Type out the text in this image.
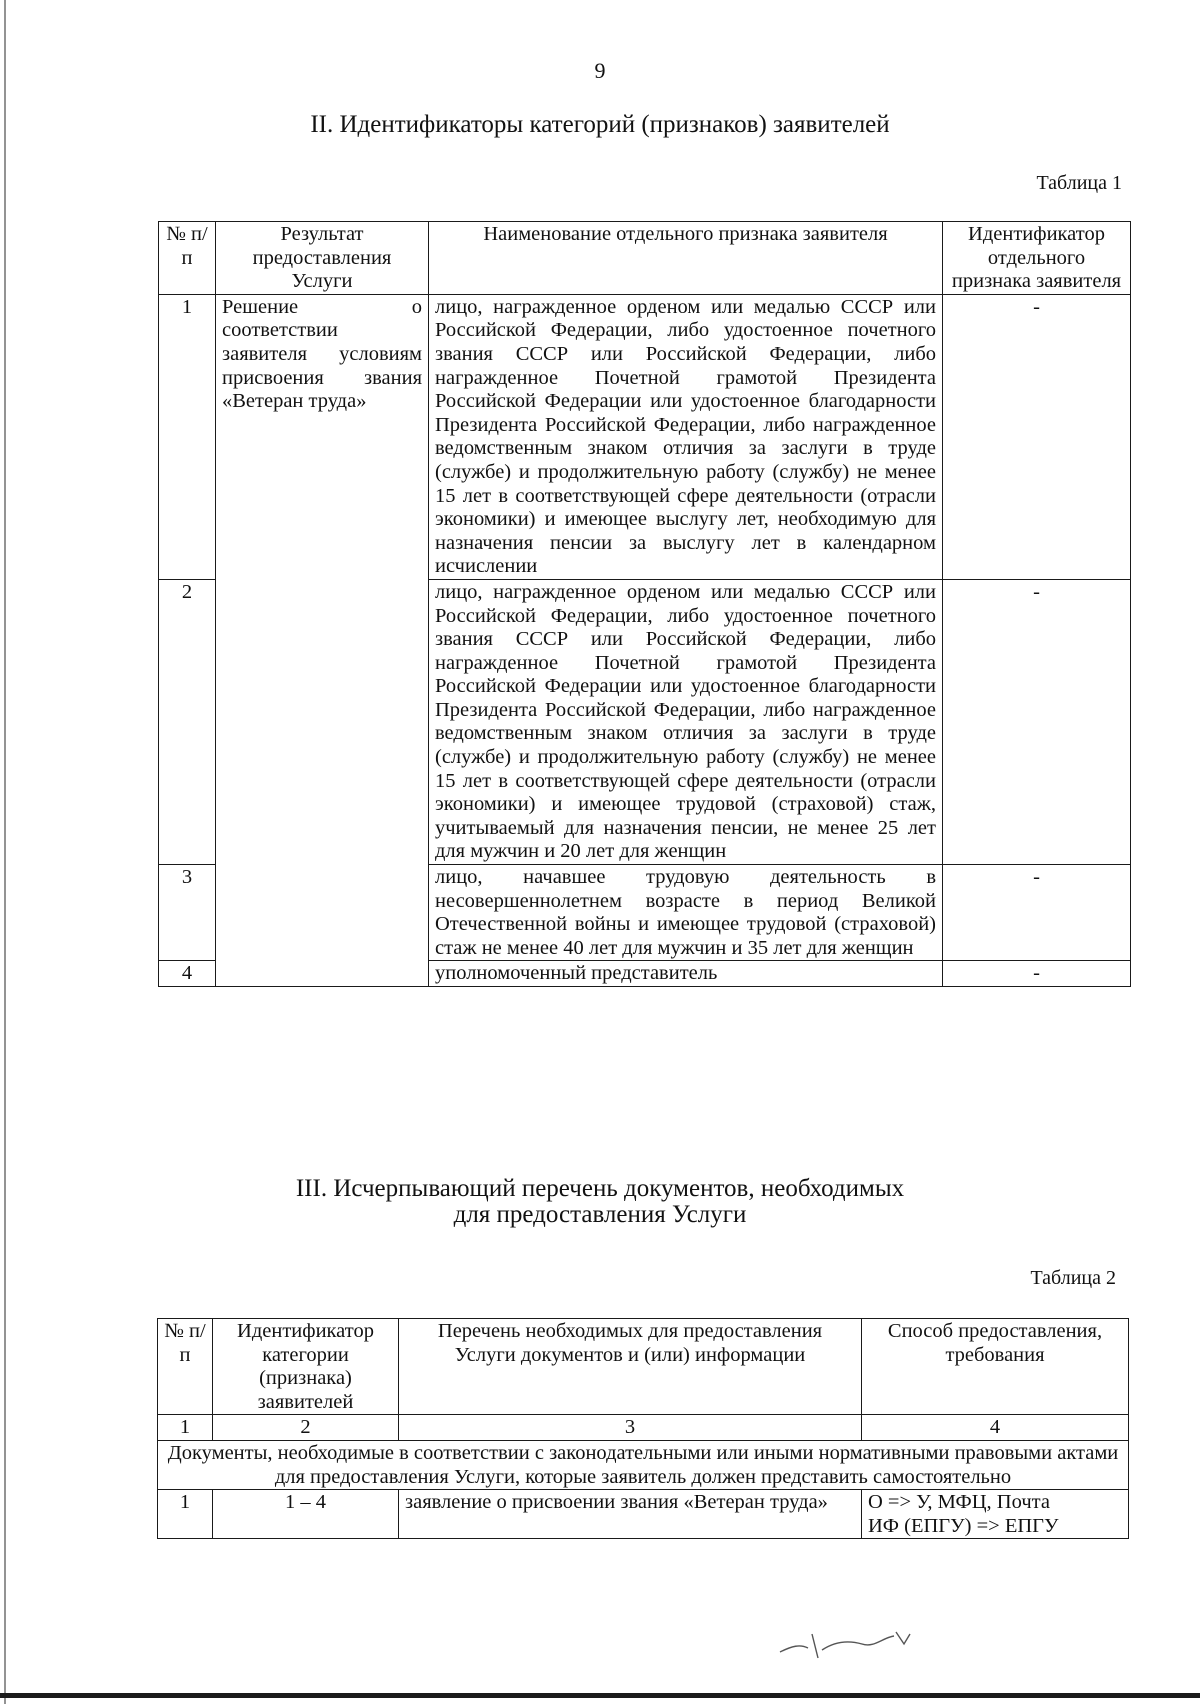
9
II. Идентификаторы категорий (признаков) заявителей
Таблица 1
№ п/п	Результат предоставления Услуги	Наименование отдельного признака заявителя	Идентификатор отдельного признака заявителя
1	Решение о соответствии заявителя условиям присвоения звания «Ветеран труда»	лицо, награжденное орденом или медалью СССР или Российской Федерации, либо удостоенное почетного звания СССР или Российской Федерации, либо награжденное Почетной грамотой Президента Российской Федерации или удостоенное благодарности Президента Российской Федерации, либо награжденное ведомственным знаком отличия за заслуги в труде (службе) и продолжительную работу (службу) не менее 15 лет в соответствующей сфере деятельности (отрасли экономики) и имеющее выслугу лет, необходимую для назначения пенсии за выслугу лет в календарном исчислении	-
2		лицо, награжденное орденом или медалью СССР или Российской Федерации, либо удостоенное почетного звания СССР или Российской Федерации, либо награжденное Почетной грамотой Президента Российской Федерации или удостоенное благодарности Президента Российской Федерации, либо награжденное ведомственным знаком отличия за заслуги в труде (службе) и продолжительную работу (службу) не менее 15 лет в соответствующей сфере деятельности (отрасли экономики) и имеющее трудовой (страховой) стаж, учитываемый для назначения пенсии, не менее 25 лет для мужчин и 20 лет для женщин	-
3		лицо, начавшее трудовую деятельность в несовершеннолетнем возрасте в период Великой Отечественной войны и имеющее трудовой (страховой) стаж не менее 40 лет для мужчин и 35 лет для женщин	-
4		уполномоченный представитель	-
III. Исчерпывающий перечень документов, необходимых
для предоставления Услуги
Таблица 2
№ п/п	Идентификатор категории (признака) заявителей	Перечень необходимых для предоставления Услуги документов и (или) информации	Способ предоставления, требования
1	2	3	4
Документы, необходимые в соответствии с законодательными или иными нормативными правовыми актами для предоставления Услуги, которые заявитель должен представить самостоятельно			
1	1 – 4	заявление о присвоении звания «Ветеран труда»	О => У, МФЦ, Почта
ИФ (ЕПГУ) => ЕПГУ
